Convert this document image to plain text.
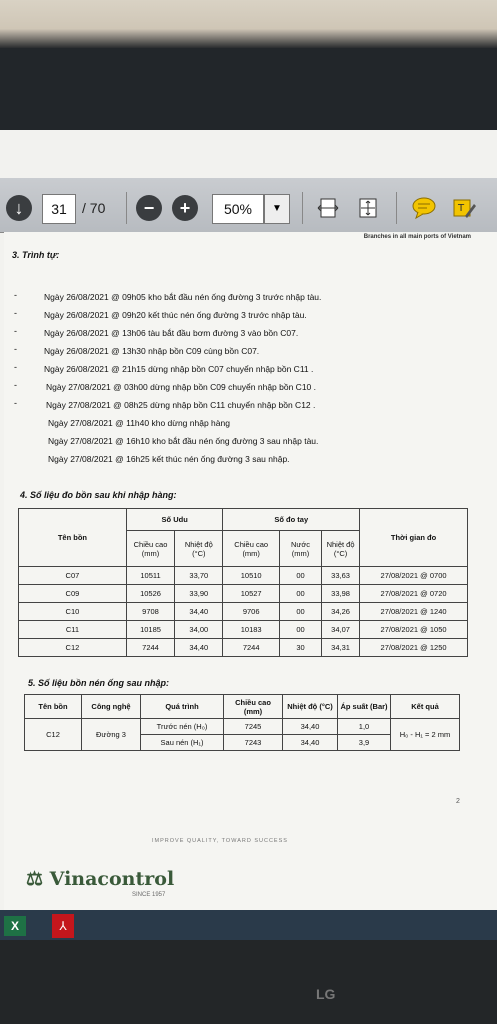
↓	31	/ 70	−	+	50%	▼	T
Branches in all main ports of Vietnam
3. Trình tự:
-
-
-
-
-
-
-
Ngày 26/08/2021 @ 09h05 kho bắt đầu nén ống đường 3 trước nhập tàu.
Ngày 26/08/2021 @ 09h20 kết thúc nén ống đường 3 trước nhập tàu.
Ngày 26/08/2021 @ 13h06 tàu bắt đầu bơm đường 3 vào bồn C07.
Ngày 26/08/2021 @ 13h30 nhập bồn C09 cùng bồn C07.
Ngày 26/08/2021 @ 21h15 dừng nhập bồn C07 chuyển nhập bồn C11 .
Ngày 27/08/2021 @ 03h00 dừng nhập bồn C09 chuyển nhập bồn C10 .
Ngày 27/08/2021 @ 08h25 dừng nhập bồn C11 chuyển nhập bồn C12 .
Ngày 27/08/2021 @ 11h40 kho dừng nhập hàng
Ngày 27/08/2021 @ 16h10 kho bắt đầu nén ống đường 3 sau nhập tàu.
Ngày 27/08/2021 @ 16h25 kết thúc nén ống đường 3 sau nhập.
4. Số liệu đo bồn sau khi nhập hàng:
Tên bồn	Số Udu		Số đo tay			Thời gian đo
	Chiều cao (mm)	Nhiệt độ (°C)	Chiều cao (mm)	Nước (mm)	Nhiệt độ (°C)	
C07	10511	33,70	10510	00	33,63	27/08/2021 @ 0700
C09	10526	33,90	10527	00	33,98	27/08/2021 @ 0720
C10	9708	34,40	9706	00	34,26	27/08/2021 @ 1240
C11	10185	34,00	10183	00	34,07	27/08/2021 @ 1050
C12	7244	34,40	7244	30	34,31	27/08/2021 @ 1250
5. Số liệu bồn nén ống sau nhập:
Tên bồn	Công nghệ	Quá trình	Chiều cao (mm)	Nhiệt độ (°C)	Áp suất (Bar)	Kết quả
C12	Đường 3	Trước nén (H₀)	7245	34,40	1,0	H₀ - H₁ = 2 mm
		Sau nén (H₁)	7243	34,40	3,9	
2
IMPROVE QUALITY, TOWARD SUCCESS
⚖ Vinacontrol
SINCE 1957
X	⅄
LG
